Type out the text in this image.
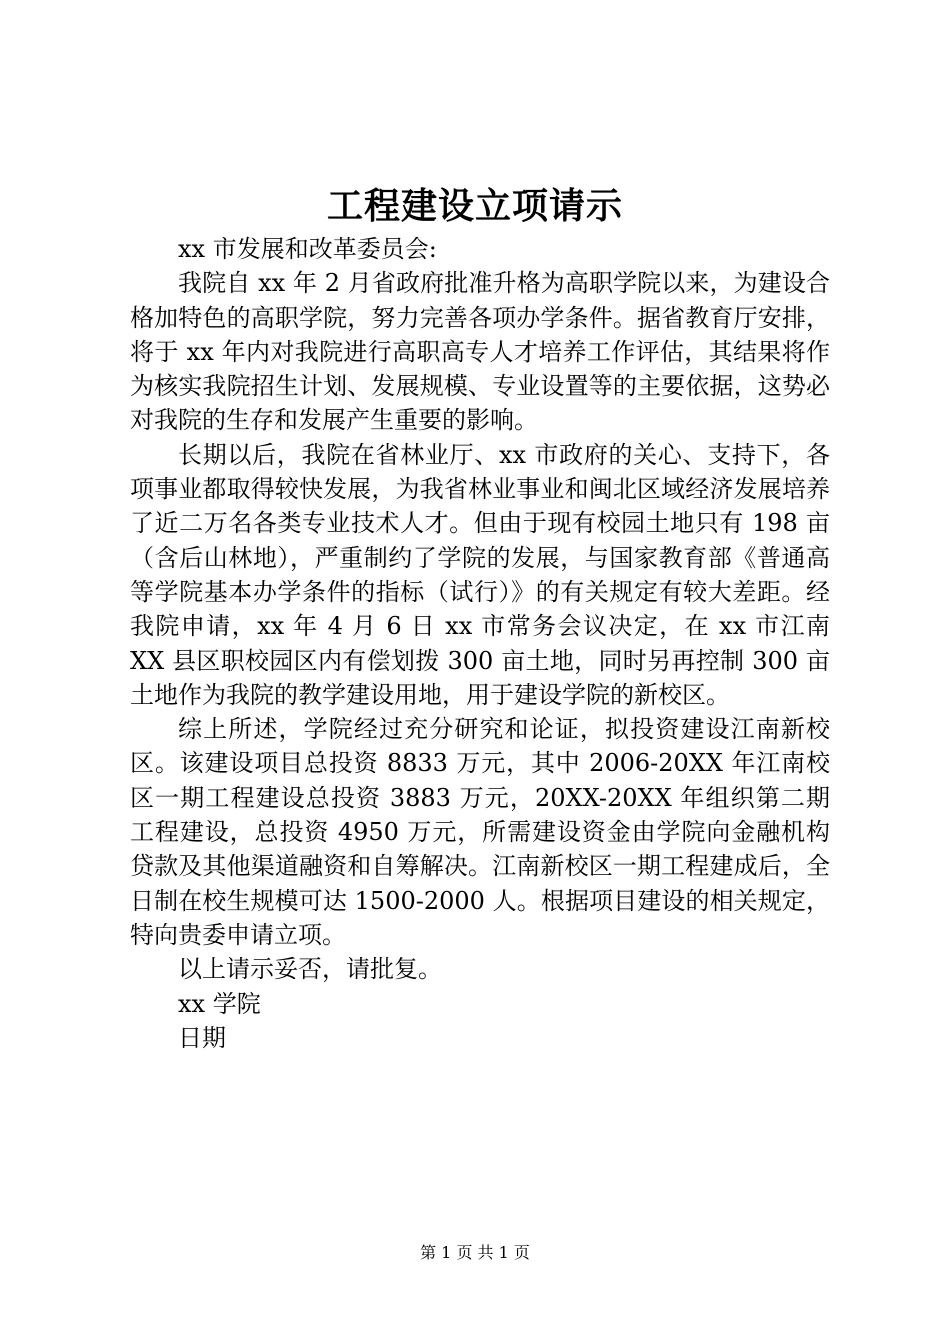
工程建设立项请示
xx 市发展和改革委员会:

我院自 xx 年 2 月省政府批准升格为高职学院以来，为建设合格加特色的高职学院，努力完善各项办学条件。据省教育厅安排，将于 xx 年内对我院进行高职高专人才培养工作评估，其结果将作为核实我院招生计划、发展规模、专业设置等的主要依据，这势必对我院的生存和发展产生重要的影响。

长期以后，我院在省林业厅、xx 市政府的关心、支持下，各项事业都取得较快发展，为我省林业事业和闽北区域经济发展培养了近二万名各类专业技术人才。但由于现有校园土地只有 198 亩（含后山林地），严重制约了学院的发展，与国家教育部《普通高等学院基本办学条件的指标（试行）》的有关规定有较大差距。经我院申请，xx 年 4 月 6 日 xx 市常务会议决定，在 xx 市江南 XX 县区职校园区内有偿划拨 300 亩土地，同时另再控制 300 亩土地作为我院的教学建设用地，用于建设学院的新校区。

综上所述，学院经过充分研究和论证，拟投资建设江南新校区。该建设项目总投资 8833 万元，其中 2006-20XX 年江南校区一期工程建设总投资 3883 万元，20XX-20XX 年组织第二期工程建设，总投资 4950 万元，所需建设资金由学院向金融机构贷款及其他渠道融资和自筹解决。江南新校区一期工程建成后，全日制在校生规模可达 1500-2000 人。根据项目建设的相关规定，特向贵委申请立项。

以上请示妥否，请批复。
xx 学院
日期
第 1 页 共 1 页
